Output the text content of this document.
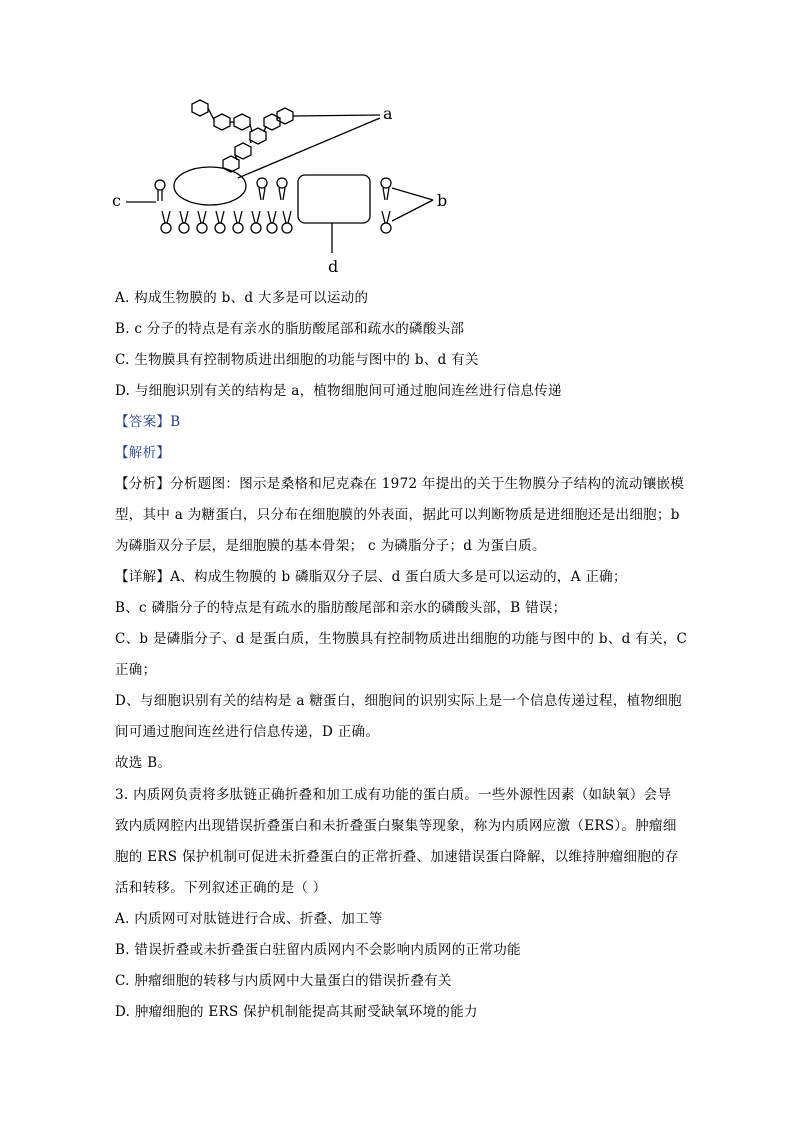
a
b
c
d
A. 构成生物膜的 b、d 大多是可以运动的
B. c 分子的特点是有亲水的脂肪酸尾部和疏水的磷酸头部
C. 生物膜具有控制物质进出细胞的功能与图中的 b、d 有关
D. 与细胞识别有关的结构是 a，植物细胞间可通过胞间连丝进行信息传递
【答案】B
【解析】
【分析】分析题图：图示是桑格和尼克森在 1972 年提出的关于生物膜分子结构的流动镶嵌模
型，其中 a 为糖蛋白，只分布在细胞膜的外表面，据此可以判断物质是进细胞还是出细胞；b
为磷脂双分子层，是细胞膜的基本骨架； c 为磷脂分子；d 为蛋白质。
【详解】A、构成生物膜的 b 磷脂双分子层、d 蛋白质大多是可以运动的，A 正确；
B、c 磷脂分子的特点是有疏水的脂肪酸尾部和亲水的磷酸头部，B 错误；
C、b 是磷脂分子、d 是蛋白质，生物膜具有控制物质进出细胞的功能与图中的 b、d 有关，C
正确；
D、与细胞识别有关的结构是 a 糖蛋白，细胞间的识别实际上是一个信息传递过程，植物细胞
间可通过胞间连丝进行信息传递，D 正确。
故选 B。
3. 内质网负责将多肽链正确折叠和加工成有功能的蛋白质。一些外源性因素（如缺氧）会导
致内质网腔内出现错误折叠蛋白和未折叠蛋白聚集等现象，称为内质网应激（ERS）。肿瘤细
胞的 ERS 保护机制可促进未折叠蛋白的正常折叠、加速错误蛋白降解，以维持肿瘤细胞的存
活和转移。下列叙述正确的是（ ）
A. 内质网可对肽链进行合成、折叠、加工等
B. 错误折叠或未折叠蛋白驻留内质网内不会影响内质网的正常功能
C. 肿瘤细胞的转移与内质网中大量蛋白的错误折叠有关
D. 肿瘤细胞的 ERS 保护机制能提高其耐受缺氧环境的能力
